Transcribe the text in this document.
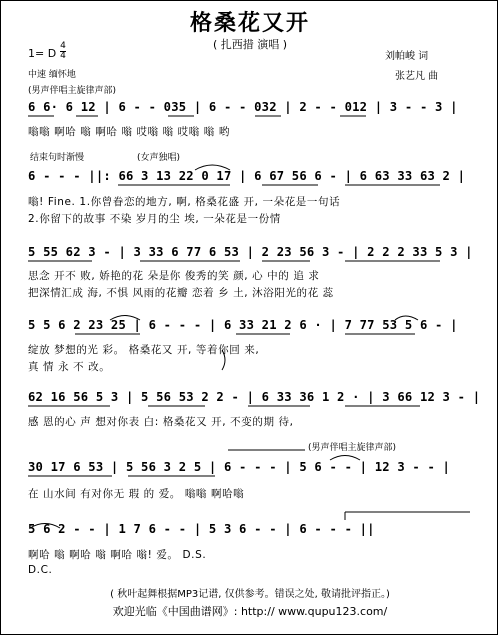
格桑花又开
( 扎西措 演唱 )
1= D
4
4
中速 缅怀地
刘帕峻 词
张艺凡 曲
(男声伴唱主旋律声部)
6 6· 6 12 | 6 - - 035 | 6 - - 032 | 2 - - 012 | 3 - - 3 |
嗡嗡 啊哈 嗡 啊哈 嗡 哎嗡 嗡 哎嗡 嗡 哟
结束句时渐慢	(女声独唱)
6 - - - ||: 66 3 13 22 0 17 | 6 67 56 6 - | 6 63 33 63 2 |
嗡! Fine. 1.你曾眷恋的地方, 啊, 格桑花盛 开, 一朵花是一句话
2.你留下的故事 不染 岁月的尘 埃, 一朵花是一份情
5 55 62 3 - | 3 33 6 77 6 53 | 2 23 56 3 - | 2 2 2 33 5 3 |
思念 开不 败, 娇艳的花 朵是你 俊秀的笑 颜, 心 中的 追 求
把深情汇成 海, 不惧 风雨的花瓣 恋着 乡 土, 沐浴阳光的花 蕊
5 5 6 2 23 25 | 6 - - - | 6 33 21 2 6 · | 7 77 53 5 6 - |
绽放 梦想的光 彩。 格桑花又 开, 等着你回 来,
真 情 永 不 改。
62 16 56 5 3 | 5 56 53 2 2 - | 6 33 36 1 2 · | 3 66 12 3 - |
感 恩的心 声 想对你表 白: 格桑花又 开, 不变的期 待,
(男声伴唱主旋律声部)
30 17 6 53 | 5 56 3 2 5 | 6 - - - | 5 6 - - | 12 3 - - |
在 山水间 有对你无 瑕 的 爱。 嗡嗡 啊哈嗡
5 6 2 - - | 1 7 6 - - | 5 3 6 - - | 6 - - - ||
啊哈 嗡 啊哈 嗡 啊哈 嗡! 爱。 D.S.
D.C.
( 秋叶起舞根据MP3记谱, 仅供参考。错误之处, 敬请批评指正。)
欢迎光临《中国曲谱网》: http:// www.qupu123.com/
